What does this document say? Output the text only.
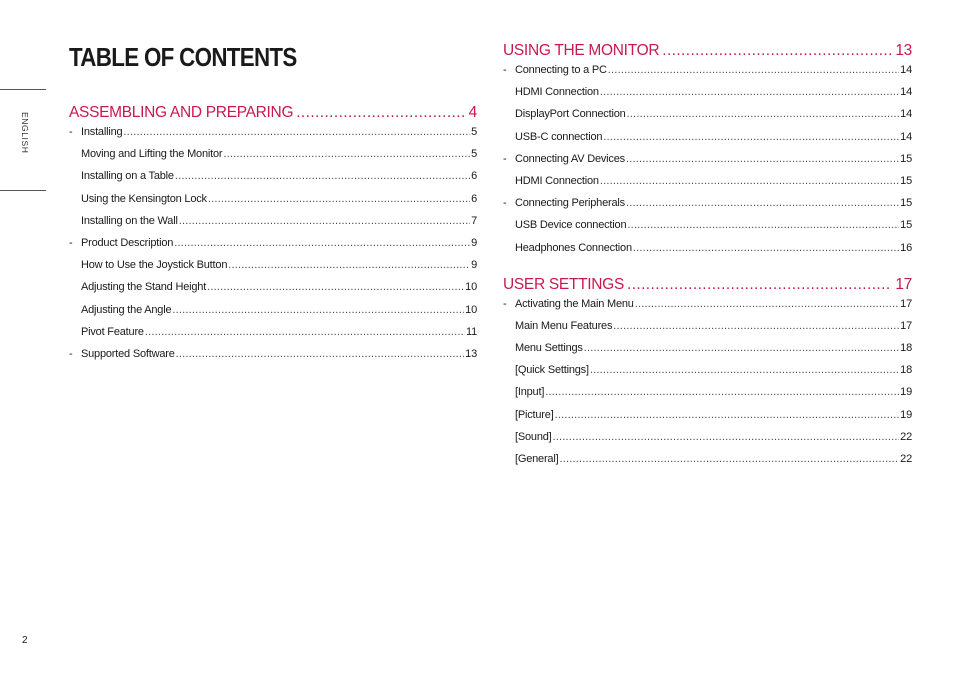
ENGLISH
TABLE OF CONTENTS
ASSEMBLING AND PREPARING .....	4
- Installing .....	5
Moving and Lifting the Monitor .....	5
Installing on a Table .....	6
Using the Kensington Lock .....	6
Installing on the Wall .....	7
- Product Description .....	9
How to Use the Joystick Button .....	9
Adjusting the Stand Height .....	10
Adjusting the Angle .....	10
Pivot Feature .....	11
- Supported Software .....	13
USING THE MONITOR .....	13
- Connecting to a PC .....	14
HDMI Connection .....	14
DisplayPort Connection .....	14
USB-C connection .....	14
- Connecting AV Devices .....	15
HDMI Connection .....	15
- Connecting Peripherals .....	15
USB Device connection .....	15
Headphones Connection .....	16
USER SETTINGS .....	17
- Activating the Main Menu .....	17
Main Menu Features .....	17
Menu Settings .....	18
[Quick Settings] .....	18
[Input] .....	19
[Picture] .....	19
[Sound] .....	22
[General] .....	22
2
